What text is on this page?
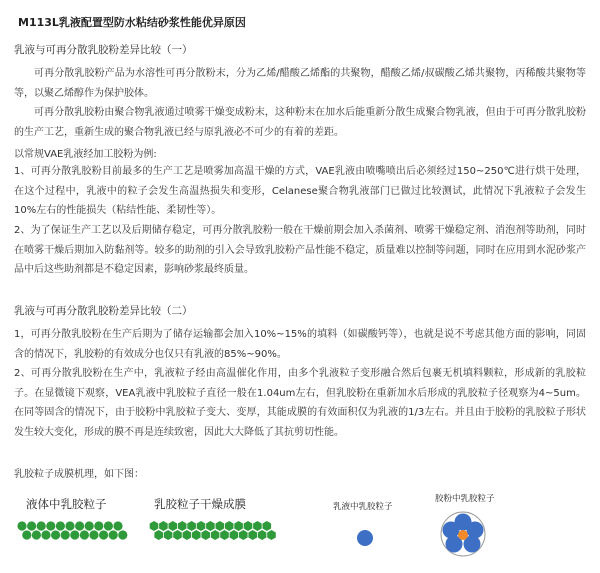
M113L乳液配置型防水粘结砂浆性能优异原因
乳液与可再分散乳胶粉差异比较（一）

可再分散乳胶粉产品为水溶性可再分散粉末，分为乙烯/醋酸乙烯酯的共聚物，醋酸乙烯/叔碳酸乙烯共聚物，丙稀酸共聚物等等，以聚乙烯醇作为保护胶体。

可再分散乳胶粉由聚合物乳液通过喷雾干燥变成粉末，这种粉末在加水后能重新分散生成聚合物乳液，但由于可再分散乳胶粉的生产工艺，重新生成的聚合物乳液已经与原乳液必不可少的有着的差距。

以常规VAE乳液经加工胶粉为例:

1、可再分散乳胶粉目前最多的生产工艺是喷雾加高温干燥的方式，VAE乳液由喷嘴喷出后必须经过150~250℃进行烘干处理，在这个过程中，乳液中的粒子会发生高温热损失和变形，Celanese聚合物乳液部门已做过比较测试，此情况下乳液粒子会发生10%左右的性能损失（粘结性能、柔韧性等）。

2、为了保证生产工艺以及后期储存稳定，可再分散乳胶粉一般在干燥前期会加入杀菌剂、喷雾干燥稳定剂、消泡剂等助剂，同时在喷雾干燥后期加入防黏剂等。较多的助剂的引入会导致乳胶粉产品性能不稳定，质量难以控制等问题，同时在应用到水泥砂浆产品中后这些助剂都是不稳定因素，影响砂浆最终质量。

乳液与可再分散乳胶粉差异比较（二）

1，可再分散乳胶粉在生产后期为了储存运输都会加入10%~15%的填料（如碳酸钙等），也就是说不考虑其他方面的影响，同固含的情况下，乳胶粉的有效成分也仅只有乳液的85%~90%。

2、可再分散乳胶粉在生产中，乳液粒子经由高温催化作用，由多个乳液粒子变形融合然后包裹无机填料颗粒，形成新的乳胶粒子。在显微镜下观察，VEA乳液中乳胶粒子直径一般在1.04um左右，但乳胶粉在重新加水后形成的乳胶粒子径观察为4~5um。在同等固含的情况下，由于胶粉中乳胶粒子变大、变厚，其能成膜的有效面积仅为乳液的1/3左右。并且由于胶粉的乳胶粒子形状发生较大变化，形成的膜不再是连续致密，因此大大降低了其抗剪切性能。

乳胶粒子成膜机理，如下图：
液体中乳胶粒子	乳胶粒子干燥成膜	乳液中乳胶粒子
胶粉中乳胶粒子
